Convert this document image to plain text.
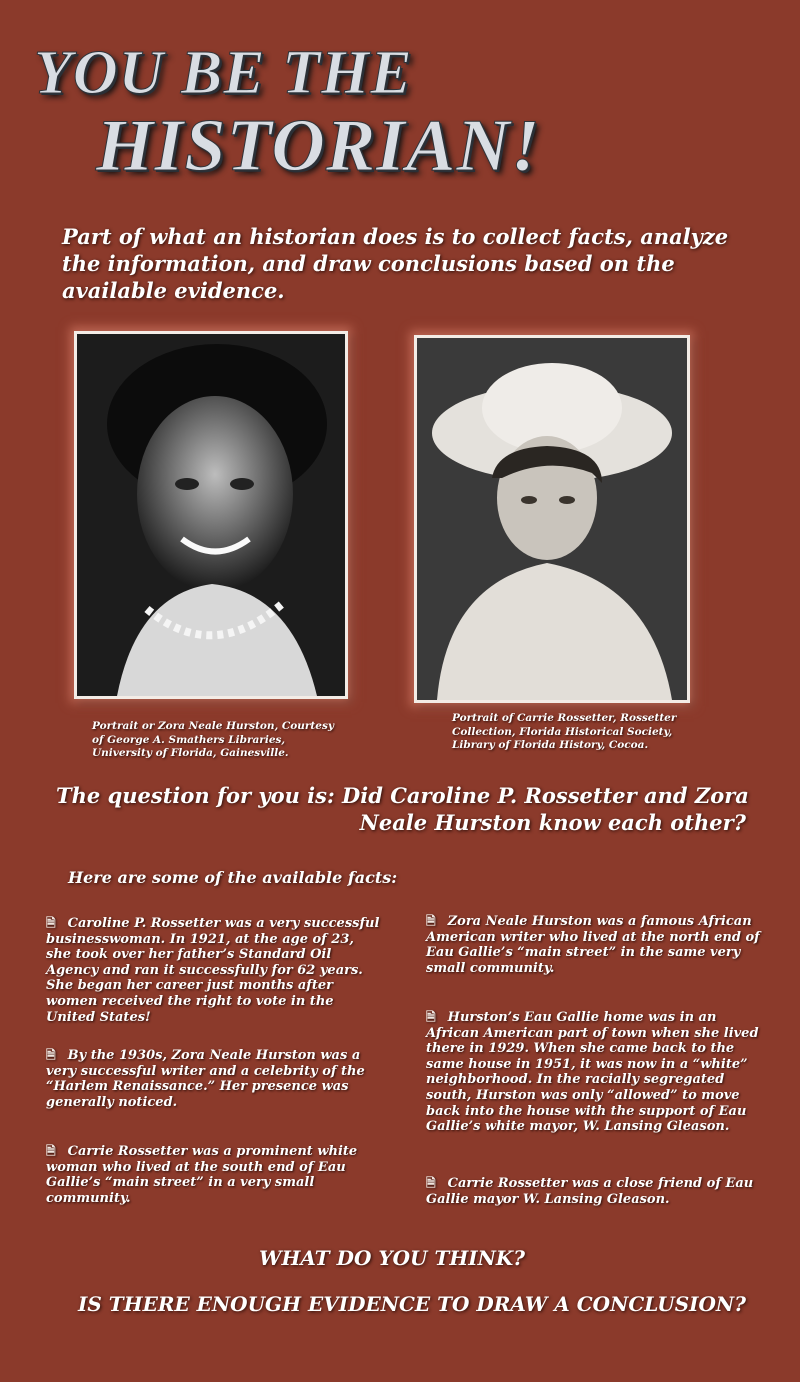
YOU BE THE
HISTORIAN!
Part of what an historian does is to collect facts, analyze the information, and draw conclusions based on the available evidence.
Portrait or Zora Neale Hurston, Courtesy of George A. Smathers Libraries, University of Florida, Gainesville.
Portrait of Carrie Rossetter, Rossetter Collection, Florida Historical Society, Library of Florida History, Cocoa.
The question for you is: Did Caroline P. Rossetter and Zora
Neale Hurston know each other?
Here are some of the available facts:
🗎 Caroline P. Rossetter was a very successful businesswoman. In 1921, at the age of 23, she took over her father’s Standard Oil Agency and ran it successfully for 62 years. She began her career just months after women received the right to vote in the United States!
🗎 By the 1930s, Zora Neale Hurston was a very successful writer and a celebrity of the “Harlem Renaissance.” Her presence was generally noticed.
🗎 Carrie Rossetter was a prominent white woman who lived at the south end of Eau Gallie’s “main street” in a very small community.
🗎 Zora Neale Hurston was a famous African American writer who lived at the north end of Eau Gallie’s “main street” in the same very small community.
🗎 Hurston’s Eau Gallie home was in an African American part of town when she lived there in 1929. When she came back to the same house in 1951, it was now in a “white” neighborhood. In the racially segregated south, Hurston was only “allowed” to move back into the house with the support of Eau Gallie’s white mayor, W. Lansing Gleason.
🗎 Carrie Rossetter was a close friend of Eau Gallie mayor W. Lansing Gleason.
WHAT DO YOU THINK?
IS THERE ENOUGH EVIDENCE TO DRAW A CONCLUSION?
